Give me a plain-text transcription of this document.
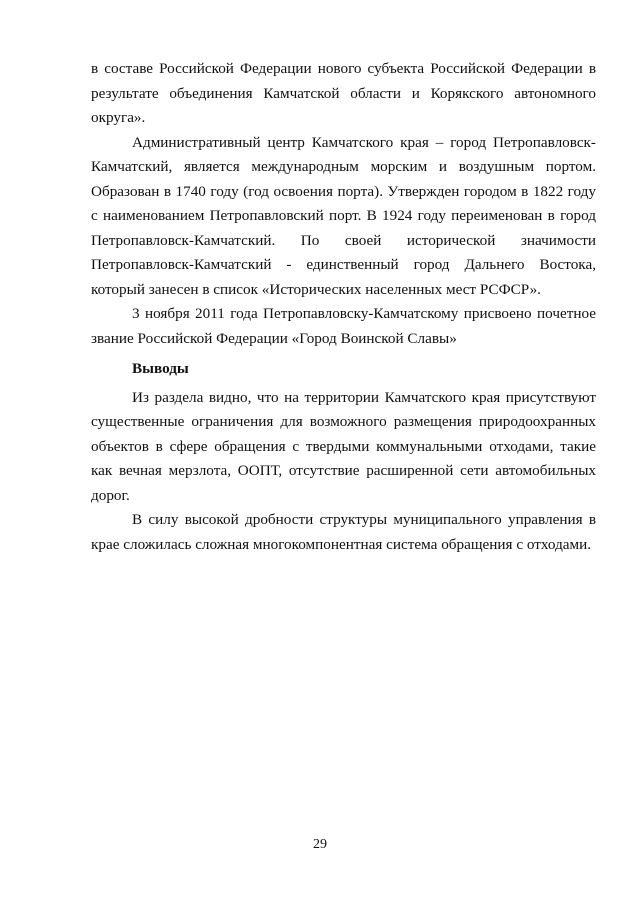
в составе Российской Федерации нового субъекта Российской Федерации в результате объединения Камчатской области и Корякского автономного округа».

Административный центр Камчатского края – город Петропавловск-Камчатский, является международным морским и воздушным портом. Образован в 1740 году (год освоения порта). Утвержден городом в 1822 году с наименованием Петропавловский порт. В 1924 году переименован в город Петропавловск-Камчатский. По своей исторической значимости Петропавловск-Камчатский - единственный город Дальнего Востока, который занесен в список «Исторических населенных мест РСФСР».

3 ноября 2011 года Петропавловску-Камчатскому присвоено почетное звание Российской Федерации «Город Воинской Славы»

Выводы

Из раздела видно, что на территории Камчатского края присутствуют существенные ограничения для возможного размещения природоохранных объектов в сфере обращения с твердыми коммунальными отходами, такие как вечная мерзлота, ООПТ, отсутствие расширенной сети автомобильных дорог.

В силу высокой дробности структуры муниципального управления в крае сложилась сложная многокомпонентная система обращения с отходами.

29
